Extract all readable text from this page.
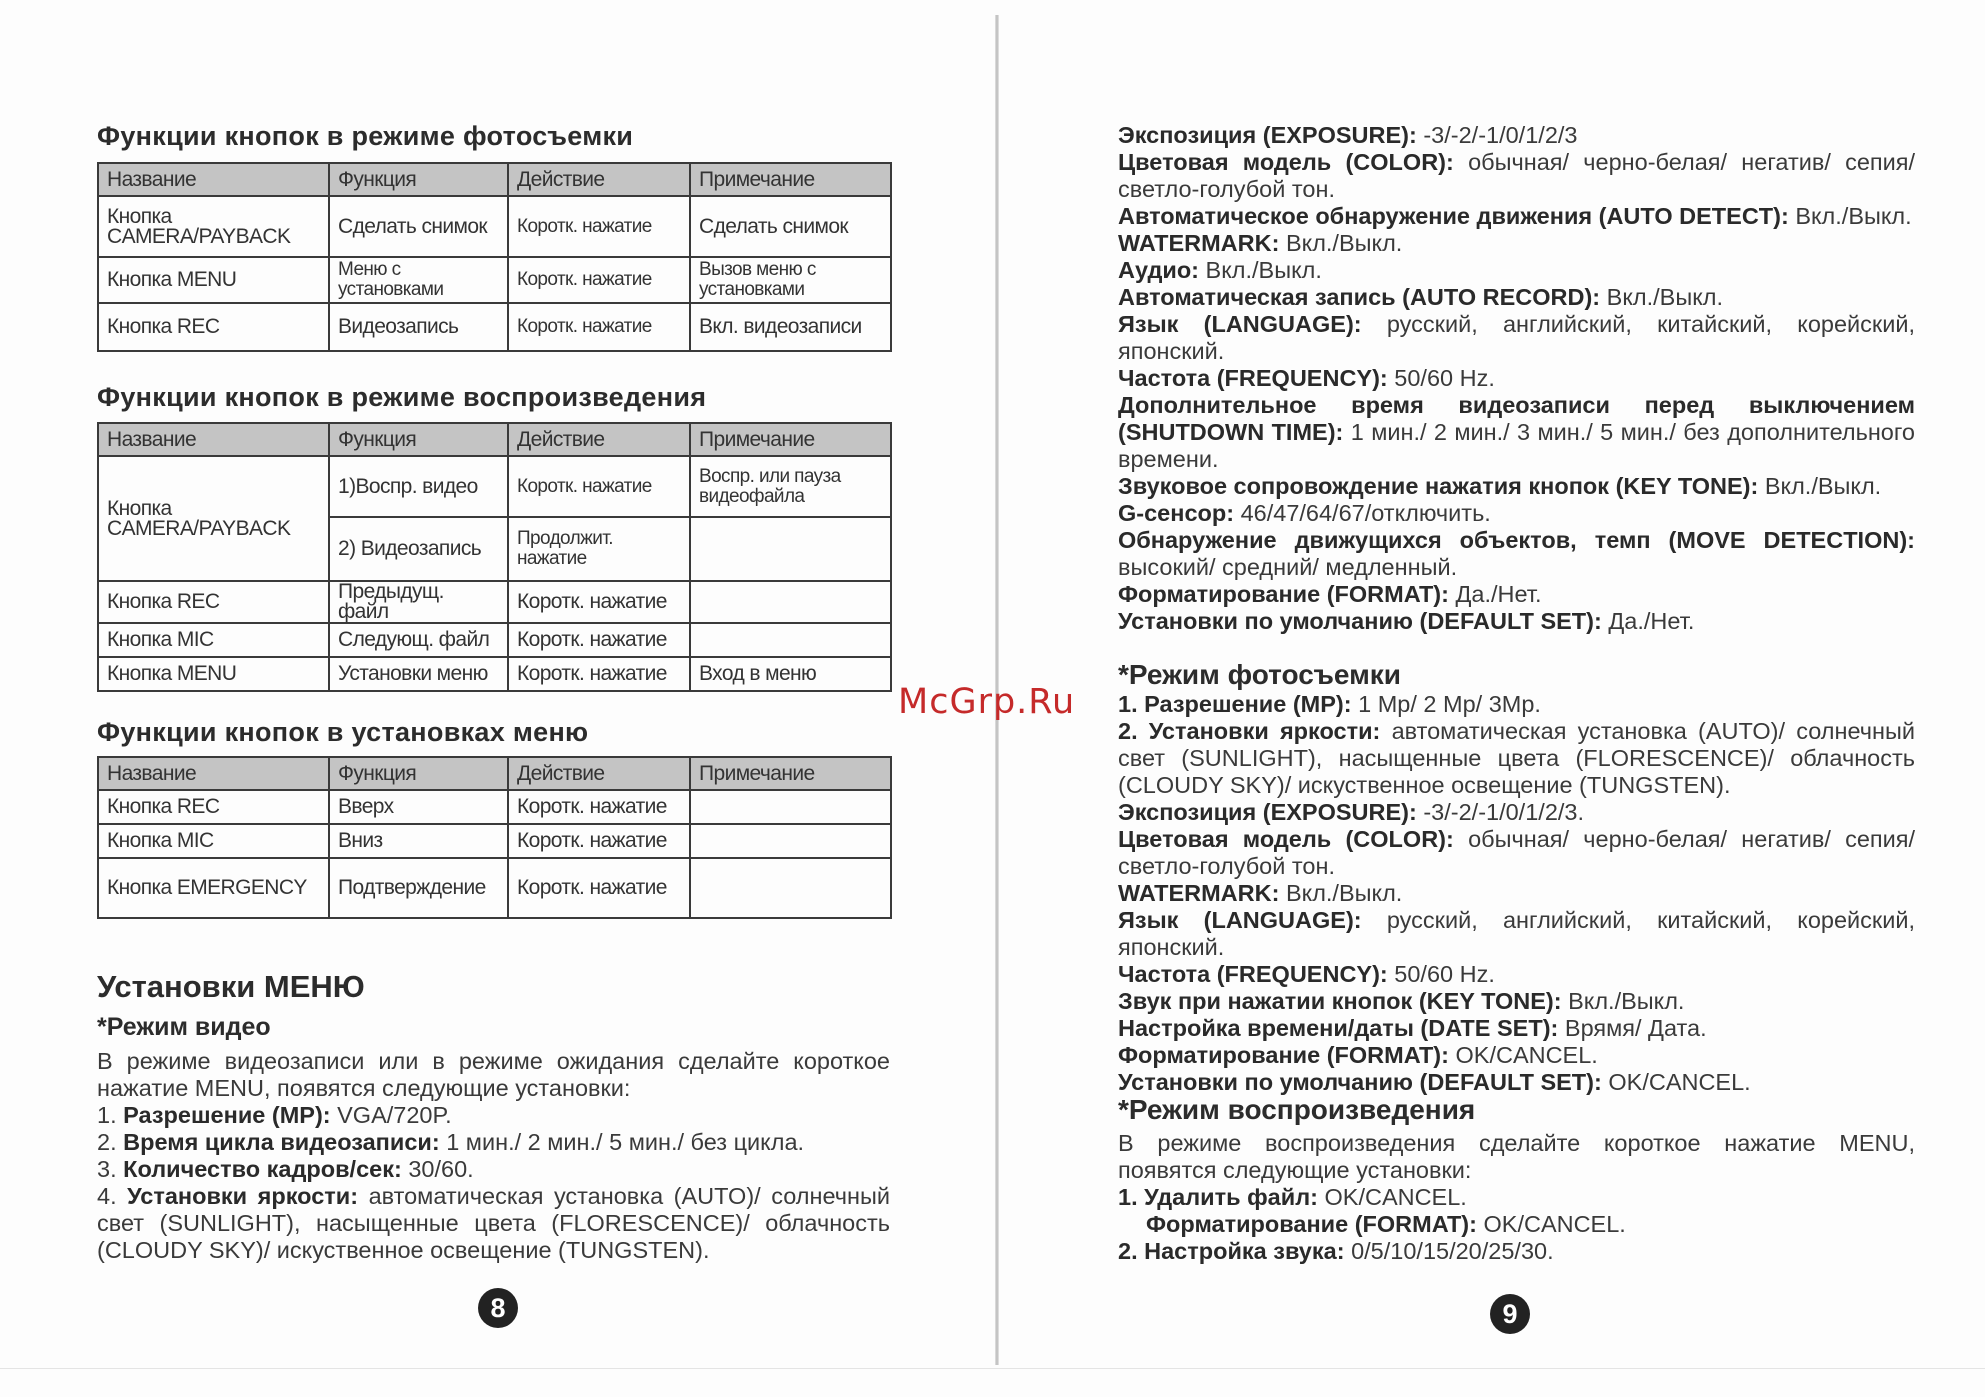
Функции кнопок в режиме фотосъемки
Название	Функция	Действие	Примечание
Кнопка CAMERA/PAYBACK	Сделать снимок	Коротк. нажатие	Сделать снимок
Кнопка MENU	Меню с установками	Коротк. нажатие	Вызов меню с установками
Кнопка REC	Видеозапись	Коротк. нажатие	Вкл. видеозаписи
Функции кнопок в режиме воспроизведения
Название	Функция	Действие	Примечание
Кнопка CAMERA/PAYBACK	1)Воспр. видео	Коротк. нажатие	Воспр. или пауза видеофайла
	2) Видеозапись	Продолжит. нажатие	
Кнопка REC	Предыдущ. файл	Коротк. нажатие	
Кнопка MIC	Следующ. файл	Коротк. нажатие	
Кнопка MENU	Установки меню	Коротк. нажатие	Вход в меню
Функции кнопок в установках меню
Название	Функция	Действие	Примечание
Кнопка REC	Вверх	Коротк. нажатие	
Кнопка MIC	Вниз	Коротк. нажатие	
Кнопка EMERGENCY	Подтверждение	Коротк. нажатие	
Установки МЕНЮ
*Режим видео

В режиме видеозаписи или в режиме ожидания сделайте короткое нажатие MENU, появятся следующие установки:

1. Разрешение (MP): VGA/720P.

2. Время цикла видеозаписи: 1 мин./ 2 мин./ 5 мин./ без цикла.

3. Количество кадров/сек: 30/60.

4. Установки яркости: автоматическая установка (AUTO)/ солнечный свет (SUNLIGHT), насыщенные цвета (FLORESCENCE)/ облачность (CLOUDY SKY)/ искуственное освещение (TUNGSTEN).

8

Экспозиция (EXPOSURE): -3/-2/-1/0/1/2/3

Цветовая модель (COLOR): обычная/ черно-белая/ негатив/ сепия/ светло-голубой тон.

Автоматическое обнаружение движения (AUTO DETECT): Вкл./Выкл.

WATERMARK: Вкл./Выкл.

Аудио: Вкл./Выкл.

Автоматическая запись (AUTO RECORD): Вкл./Выкл.

Язык (LANGUAGE): русский, английский, китайский, корейский, японский.

Частота (FREQUENCY): 50/60 Hz.

Дополнительное время видеозаписи перед выключением (SHUTDOWN TIME): 1 мин./ 2 мин./ 3 мин./ 5 мин./ без дополнительного времени.

Звуковое сопровождение нажатия кнопок (KEY TONE): Вкл./Выкл.

G-сенсор: 46/47/64/67/отключить.

Обнаружение движущихся объектов, темп (MOVE DETECTION): высокий/ средний/ медленный.

Форматирование (FORMAT): Да./Нет.

Установки по умолчанию (DEFAULT SET): Да./Нет.

*Режим фотосъемки

1. Разрешение (MP): 1 Mp/ 2 Mp/ 3Mp.

2. Установки яркости: автоматическая установка (AUTO)/ солнечный свет (SUNLIGHT), насыщенные цвета (FLORESCENCE)/ облачность (CLOUDY SKY)/ искуственное освещение (TUNGSTEN).

Экспозиция (EXPOSURE): -3/-2/-1/0/1/2/3.

Цветовая модель (COLOR): обычная/ черно-белая/ негатив/ сепия/ светло-голубой тон.

WATERMARK: Вкл./Выкл.

Язык (LANGUAGE): русский, английский, китайский, корейский, японский.

Частота (FREQUENCY): 50/60 Hz.

Звук при нажатии кнопок (KEY TONE): Вкл./Выкл.

Настройка времени/даты (DATE SET): Врямя/ Дата.

Форматирование (FORMAT): OK/CANCEL.

Установки по умолчанию (DEFAULT SET): OK/CANCEL.

*Режим воспроизведения

В режиме воспроизведения сделайте короткое нажатие MENU, появятся следующие установки:

1. Удалить файл: OK/CANCEL.

Форматирование (FORMAT): OK/CANCEL.

2. Настройка звука: 0/5/10/15/20/25/30.

9
McGrp.Ru
